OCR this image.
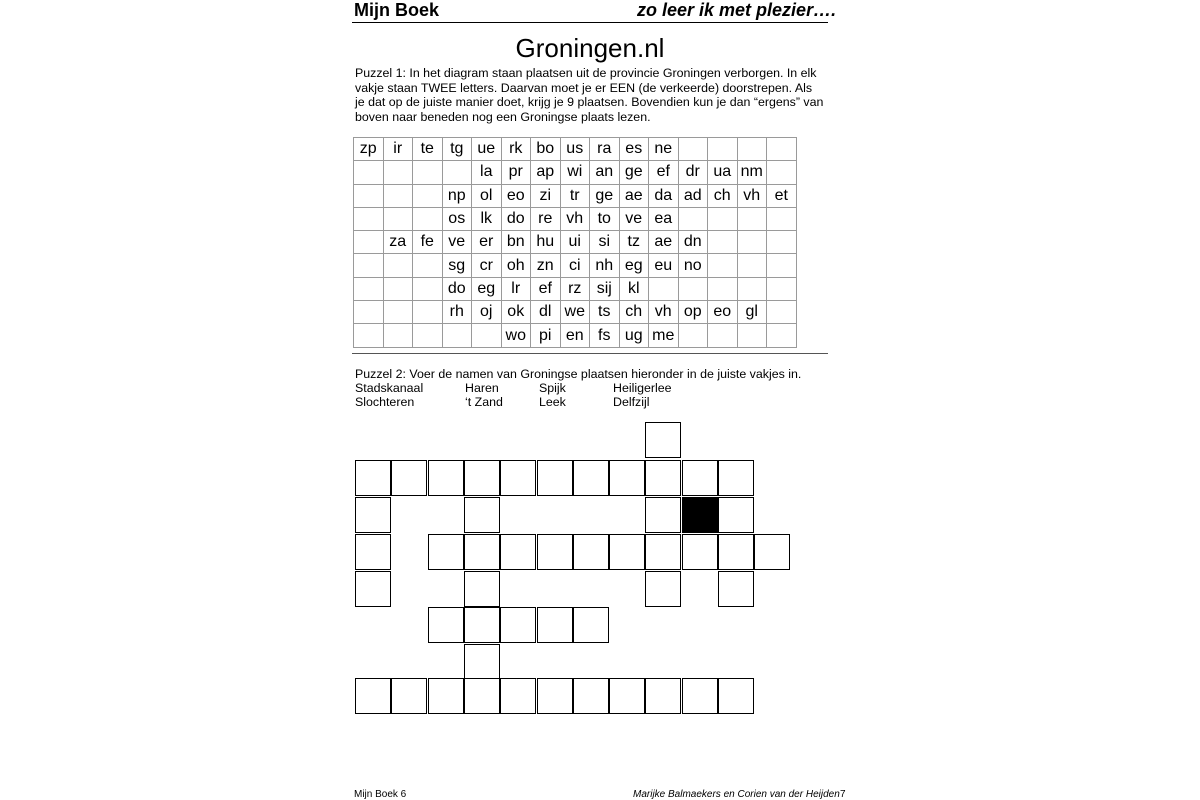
Mijn Boek	zo leer ik met plezier….
Groningen.nl
Puzzel 1: In het diagram staan plaatsen uit de provincie Groningen verborgen. In elk vakje staan TWEE letters. Daarvan moet je er EEN (de verkeerde) doorstrepen. Als je dat op de juiste manier doet, krijg je 9 plaatsen. Bovendien kun je dan “ergens” van boven naar beneden nog een Groningse plaats lezen.
zp	ir	te	tg	ue	rk	bo	us	ra	es	ne				
				la	pr	ap	wi	an	ge	ef	dr	ua	nm	
			np	ol	eo	zi	tr	ge	ae	da	ad	ch	vh	et
			os	lk	do	re	vh	to	ve	ea				
	za	fe	ve	er	bn	hu	ui	si	tz	ae	dn			
			sg	cr	oh	zn	ci	nh	eg	eu	no			
			do	eg	lr	ef	rz	sij	kl					
			rh	oj	ok	dl	we	ts	ch	vh	op	eo	gl	
					wo	pi	en	fs	ug	me				
Puzzel 2: Voer de namen van Groningse plaatsen hieronder in de juiste vakjes in.
Stadskanaal	Haren	Spijk	Heiligerlee
Slochteren	‘t Zand	Leek	Delfzijl
Mijn Boek 6	Marijke Balmaekers en Corien van der Heijden 7
